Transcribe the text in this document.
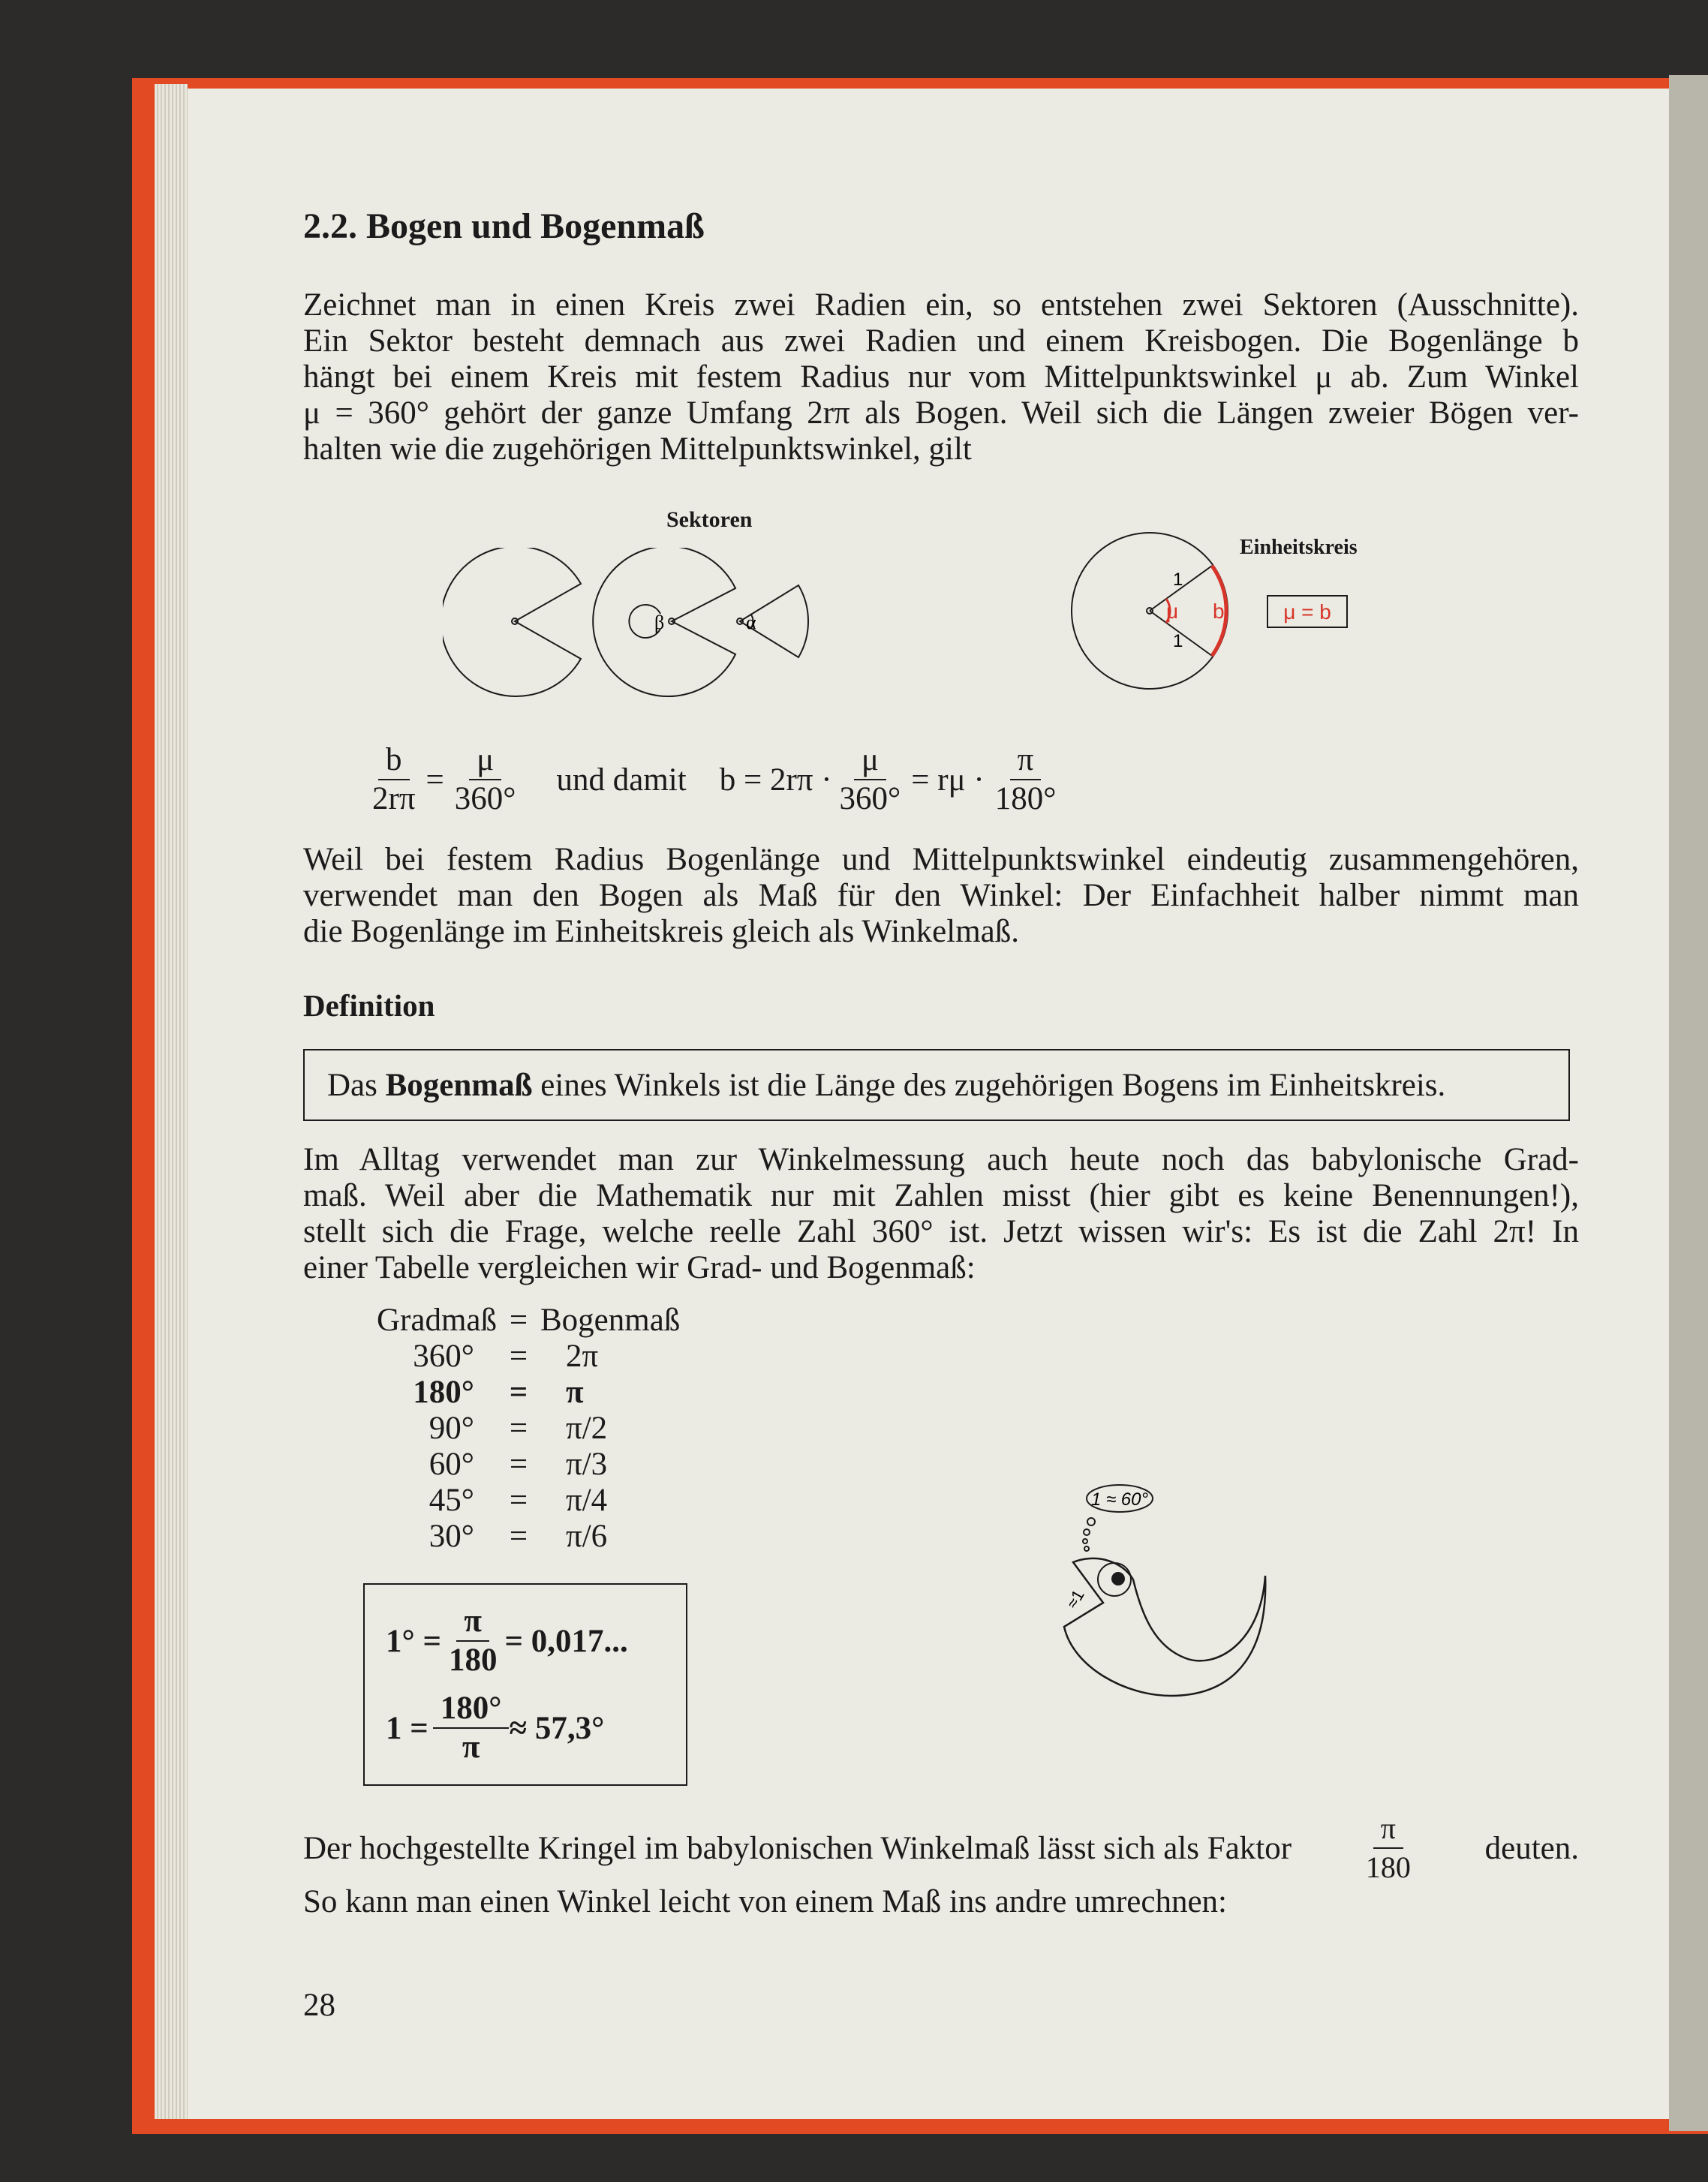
2.2. Bogen und Bogenmaß
Zeichnet man in einen Kreis zwei Radien ein, so entstehen zwei Sektoren (Ausschnitte).
Ein Sektor besteht demnach aus zwei Radien und einem Kreisbogen. Die Bogenlänge b
hängt bei einem Kreis mit festem Radius nur vom Mittelpunktswinkel μ ab. Zum Winkel
μ = 360° gehört der ganze Umfang 2rπ als Bogen. Weil sich die Längen zweier Bögen ver-
halten wie die zugehörigen Mittelpunktswinkel, gilt
Sektoren
β	α
Einheitskreis
1
1
μ b	μ = b
$\frac{b}{2r\pi} = \frac{\mu}{360^\circ}$ und damit $b = 2r\pi \cdot \frac{\mu}{360^\circ} = r\mu \cdot \frac{\pi}{180^\circ}$
Weil bei festem Radius Bogenlänge und Mittelpunktswinkel eindeutig zusammengehören,
verwendet man den Bogen als Maß für den Winkel: Der Einfachheit halber nimmt man
die Bogenlänge im Einheitskreis gleich als Winkelmaß.
Definition
Das Bogenmaß eines Winkels ist die Länge des zugehörigen Bogens im Einheitskreis.
Im Alltag verwendet man zur Winkelmessung auch heute noch das babylonische Grad-
maß. Weil aber die Mathematik nur mit Zahlen misst (hier gibt es keine Benennungen!),
stellt sich die Frage, welche reelle Zahl 360° ist. Jetzt wissen wir's: Es ist die Zahl 2π! In
einer Tabelle vergleichen wir Grad- und Bogenmaß:
Gradmaß	=	Bogenmaß
360°	=	2π
180°	=	π
90°	=	π/2
60°	=	π/3
45°	=	π/4
30°	=	π/6
$1^\circ = \frac{\pi}{180} = 0,017$...
$1 = \frac{180^\circ}{\pi} \approx 57,3^\circ$
1 ≈ 60°
≈1
Der hochgestellte Kringel im babylonischen Winkelmaß lässt sich als Faktor $\frac{\pi}{180}$ deuten.
So kann man einen Winkel leicht von einem Maß ins andre umrechnen:
28
